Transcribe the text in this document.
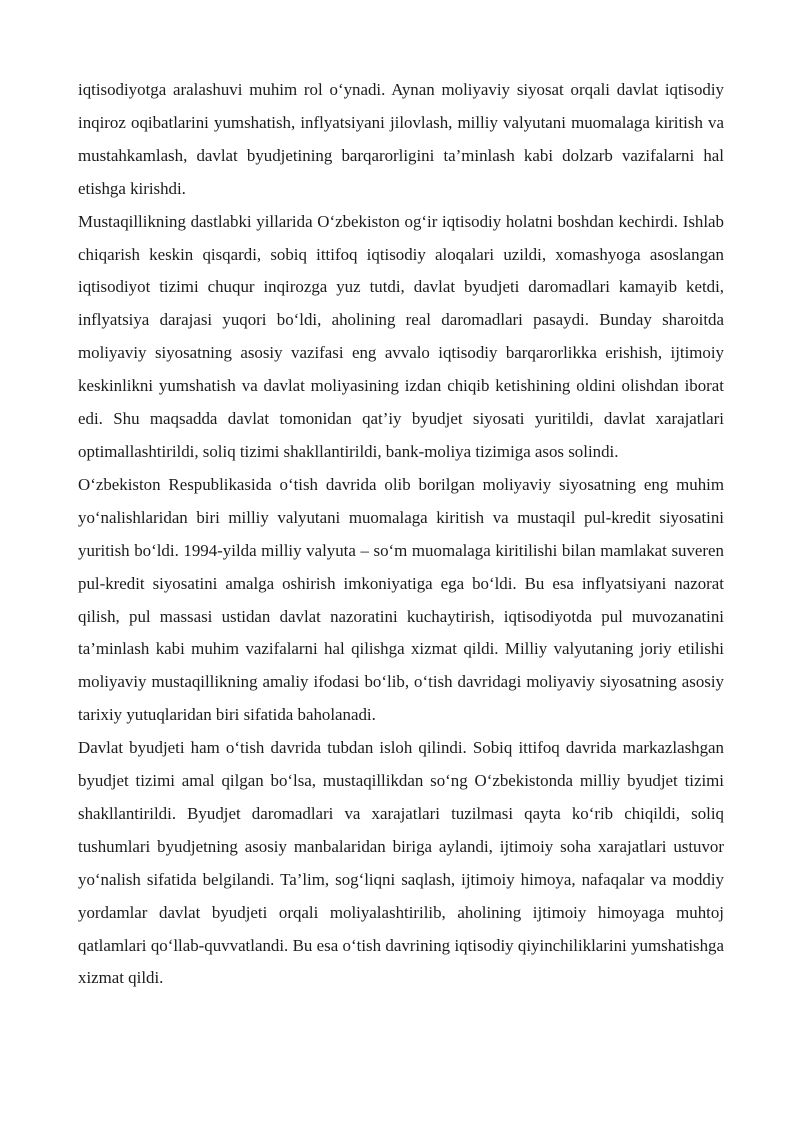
iqtisodiyotga aralashuvi muhim rol o‘ynadi. Aynan moliyaviy siyosat orqali davlat iqtisodiy inqiroz oqibatlarini yumshatish, inflyatsiyani jilovlash, milliy valyutani muomalaga kiritish va mustahkamlash, davlat byudjetining barqarorligini ta’minlash kabi dolzarb vazifalarni hal etishga kirishdi.

Mustaqillikning dastlabki yillarida O‘zbekiston og‘ir iqtisodiy holatni boshdan kechirdi. Ishlab chiqarish keskin qisqardi, sobiq ittifoq iqtisodiy aloqalari uzildi, xomashyoga asoslangan iqtisodiyot tizimi chuqur inqirozga yuz tutdi, davlat byudjeti daromadlari kamayib ketdi, inflyatsiya darajasi yuqori bo‘ldi, aholining real daromadlari pasaydi. Bunday sharoitda moliyaviy siyosatning asosiy vazifasi eng avvalo iqtisodiy barqarorlikka erishish, ijtimoiy keskinlikni yumshatish va davlat moliyasining izdan chiqib ketishining oldini olishdan iborat edi. Shu maqsadda davlat tomonidan qat’iy byudjet siyosati yuritildi, davlat xarajatlari optimallashtirildi, soliq tizimi shakllantirildi, bank-moliya tizimiga asos solindi.

O‘zbekiston Respublikasida o‘tish davrida olib borilgan moliyaviy siyosatning eng muhim yo‘nalishlaridan biri milliy valyutani muomalaga kiritish va mustaqil pul-kredit siyosatini yuritish bo‘ldi. 1994-yilda milliy valyuta – so‘m muomalaga kiritilishi bilan mamlakat suveren pul-kredit siyosatini amalga oshirish imkoniyatiga ega bo‘ldi. Bu esa inflyatsiyani nazorat qilish, pul massasi ustidan davlat nazoratini kuchaytirish, iqtisodiyotda pul muvozanatini ta’minlash kabi muhim vazifalarni hal qilishga xizmat qildi. Milliy valyutaning joriy etilishi moliyaviy mustaqillikning amaliy ifodasi bo‘lib, o‘tish davridagi moliyaviy siyosatning asosiy tarixiy yutuqlaridan biri sifatida baholanadi.

Davlat byudjeti ham o‘tish davrida tubdan isloh qilindi. Sobiq ittifoq davrida markazlashgan byudjet tizimi amal qilgan bo‘lsa, mustaqillikdan so‘ng O‘zbekistonda milliy byudjet tizimi shakllantirildi. Byudjet daromadlari va xarajatlari tuzilmasi qayta ko‘rib chiqildi, soliq tushumlari byudjetning asosiy manbalaridan biriga aylandi, ijtimoiy soha xarajatlari ustuvor yo‘nalish sifatida belgilandi. Ta’lim, sog‘liqni saqlash, ijtimoiy himoya, nafaqalar va moddiy yordamlar davlat byudjeti orqali moliyalashtirilib, aholining ijtimoiy himoyaga muhtoj qatlamlari qo‘llab-quvvatlandi. Bu esa o‘tish davrining iqtisodiy qiyinchiliklarini yumshatishga xizmat qildi.
